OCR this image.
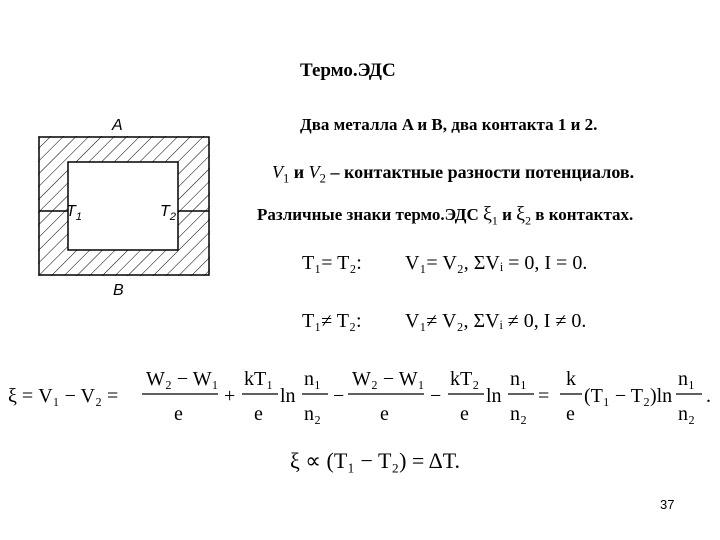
Термо.ЭДС
Два металла A и B, два контакта 1 и 2.
$V_1$ и $V_2$ – контактные разности потенциалов.
Различные знаки термо.ЭДС $\xi_1$ и $\xi_2$ в контактах.
A
B
$T_1$	$T_2$
T₁= T₂: V₁= V₂, ΣVᵢ = 0, I = 0.
T₁≠ T₂: V₁≠ V₂, ΣVᵢ ≠ 0, I ≠ 0.
ξ = V₁ − V₂ =
W₂ − W₁
e
+
kT₁
e
ln
n₁
n₂
−
W₂ − W₁
e
−
kT₂
e
ln
n₁
n₂
=
k
e
(T₁ − T₂)ln
n₁
n₂
.
ξ ∝ (T₁ − T₂) = ΔT.
37
